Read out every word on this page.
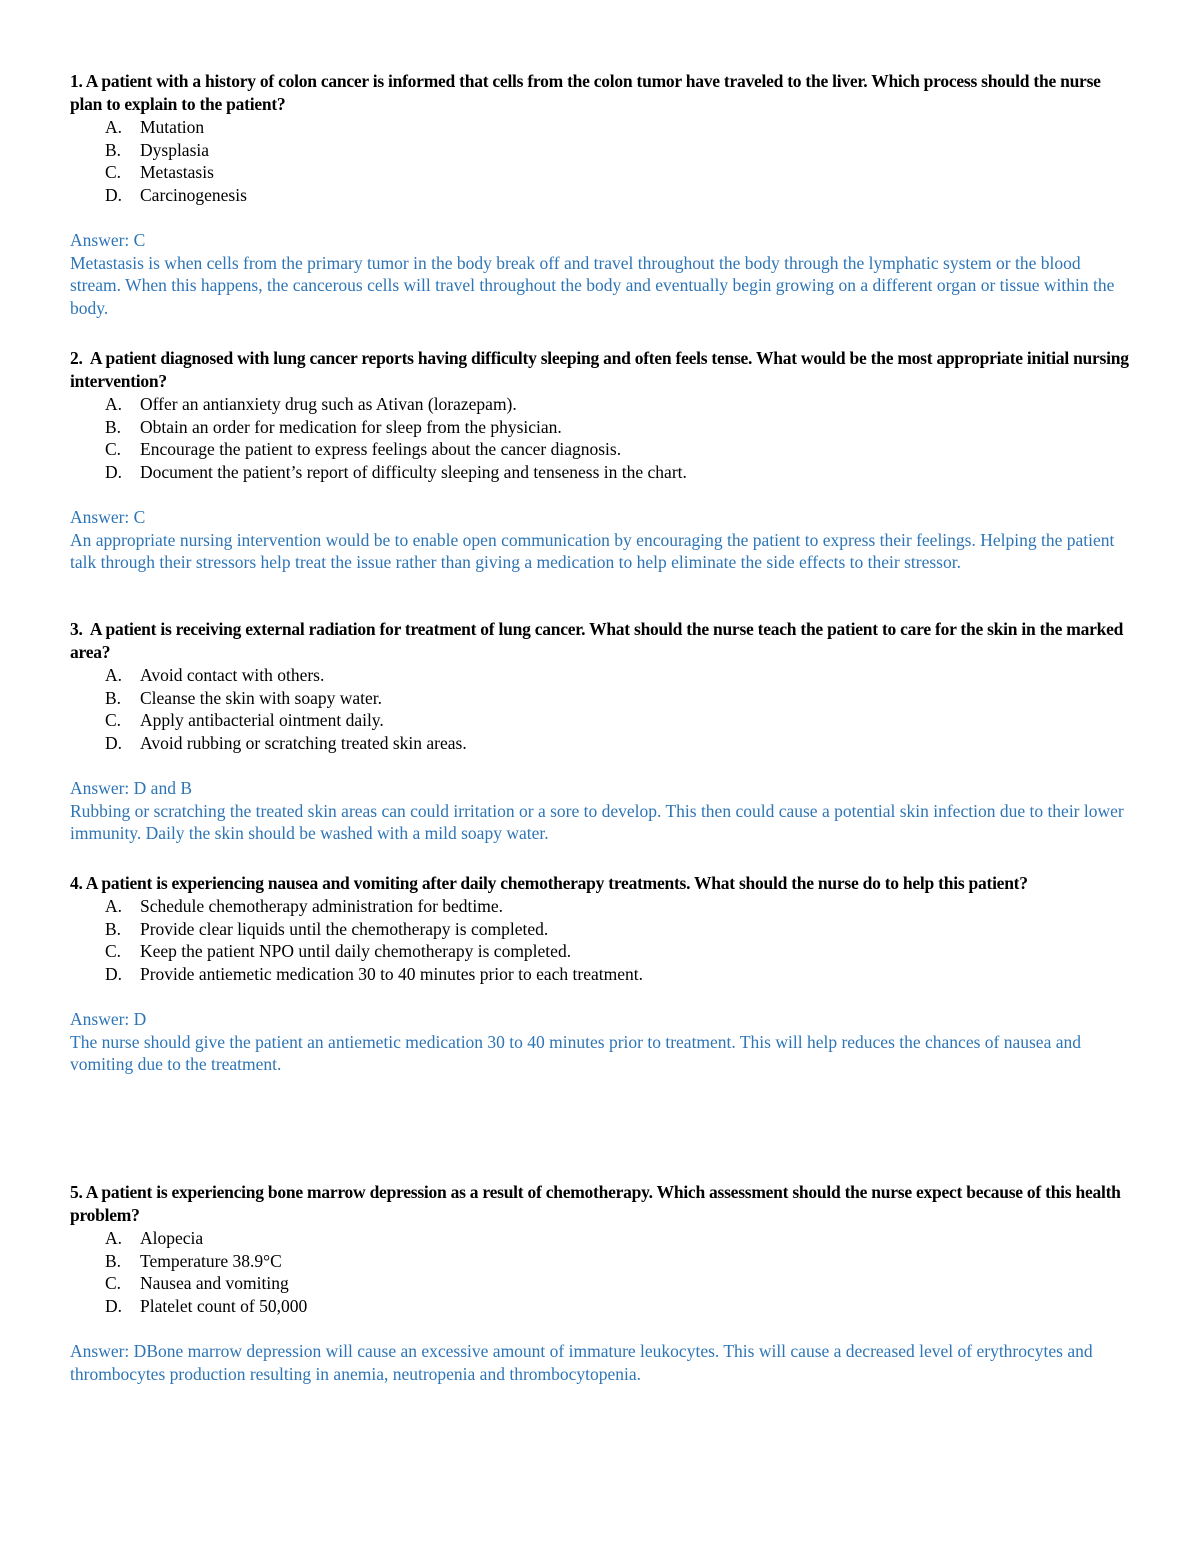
1. A patient with a history of colon cancer is informed that cells from the colon tumor have traveled to the liver. Which process should the nurse plan to explain to the patient?

A.	Mutation
B.	Dysplasia
C.	Metastasis
D.	Carcinogenesis

Answer: C

Metastasis is when cells from the primary tumor in the body break off and travel throughout the body through the lymphatic system or the blood stream. When this happens, the cancerous cells will travel throughout the body and eventually begin growing on a different organ or tissue within the body.

2. A patient diagnosed with lung cancer reports having difficulty sleeping and often feels tense. What would be the most appropriate initial nursing intervention?

A.	Offer an antianxiety drug such as Ativan (lorazepam).
B.	Obtain an order for medication for sleep from the physician.
C.	Encourage the patient to express feelings about the cancer diagnosis.
D.	Document the patient’s report of difficulty sleeping and tenseness in the chart.

Answer: C

An appropriate nursing intervention would be to enable open communication by encouraging the patient to express their feelings. Helping the patient talk through their stressors help treat the issue rather than giving a medication to help eliminate the side effects to their stressor.

3. A patient is receiving external radiation for treatment of lung cancer. What should the nurse teach the patient to care for the skin in the marked area?

A.	Avoid contact with others.
B.	Cleanse the skin with soapy water.
C.	Apply antibacterial ointment daily.
D.	Avoid rubbing or scratching treated skin areas.

Answer: D and B

Rubbing or scratching the treated skin areas can could irritation or a sore to develop. This then could cause a potential skin infection due to their lower immunity. Daily the skin should be washed with a mild soapy water.

4. A patient is experiencing nausea and vomiting after daily chemotherapy treatments. What should the nurse do to help this patient?

A.	Schedule chemotherapy administration for bedtime.
B.	Provide clear liquids until the chemotherapy is completed.
C.	Keep the patient NPO until daily chemotherapy is completed.
D.	Provide antiemetic medication 30 to 40 minutes prior to each treatment.

Answer: D

The nurse should give the patient an antiemetic medication 30 to 40 minutes prior to treatment. This will help reduces the chances of nausea and vomiting due to the treatment.

5. A patient is experiencing bone marrow depression as a result of chemotherapy. Which assessment should the nurse expect because of this health problem?

A.	Alopecia
B.	Temperature 38.9°C
C.	Nausea and vomiting
D.	Platelet count of 50,000

Answer: DBone marrow depression will cause an excessive amount of immature leukocytes. This will cause a decreased level of erythrocytes and thrombocytes production resulting in anemia, neutropenia and thrombocytopenia.
